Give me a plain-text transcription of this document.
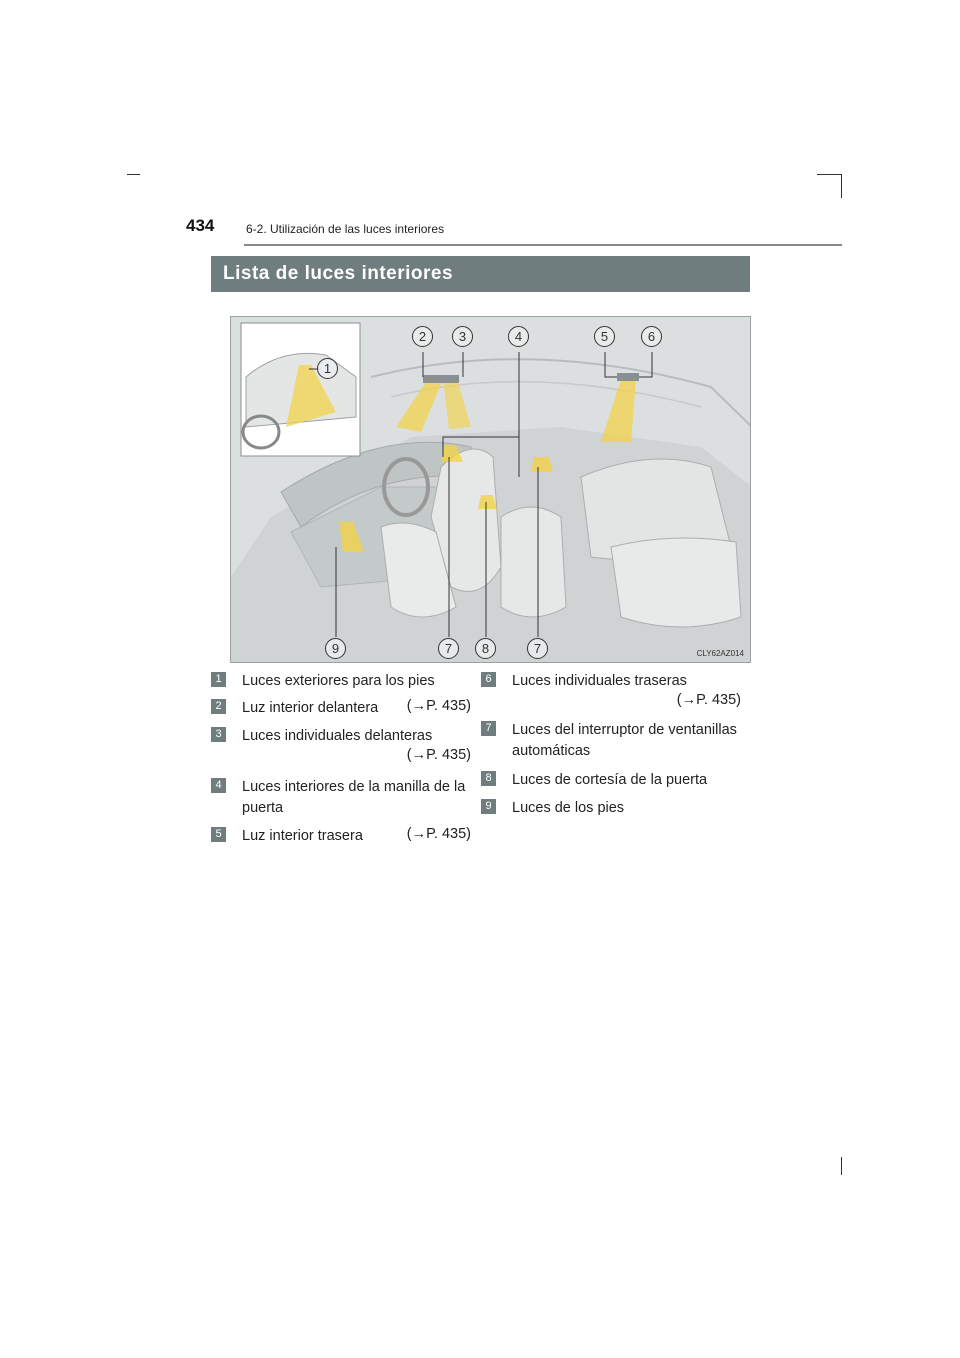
434	6-2. Utilización de las luces interiores
Lista de luces interiores
1
2	3	4	5	6
9	7	8	7	CLY62AZ014
1	Luces exteriores para los pies
2	Luz interior delantera	(→P. 435)
3	Luces individuales delanteras
(→P. 435)
4	Luces interiores de la manilla de la puerta
5	Luz interior trasera	(→P. 435)
6	Luces individuales traseras
(→P. 435)
7	Luces del interruptor de ventanillas automáticas
8	Luces de cortesía de la puerta
9	Luces de los pies
